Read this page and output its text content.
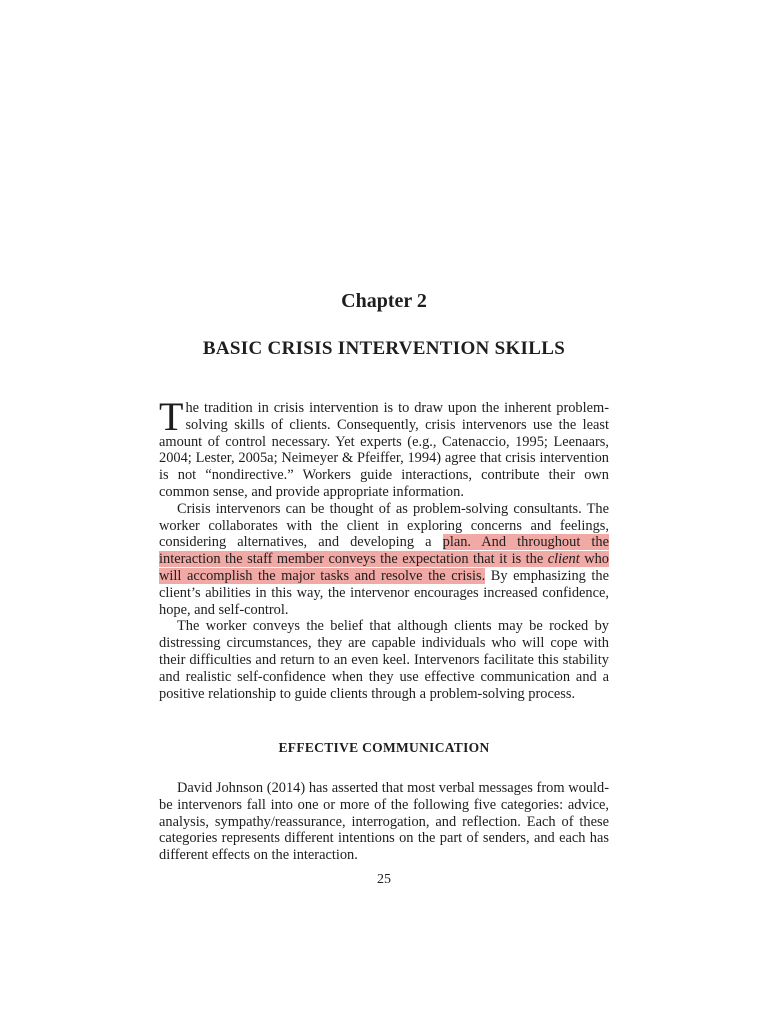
Chapter 2
BASIC CRISIS INTERVENTION SKILLS

The tradition in crisis intervention is to draw upon the inherent problem-solving skills of clients. Consequently, crisis intervenors use the least amount of control necessary. Yet experts (e.g., Catenaccio, 1995; Leenaars, 2004; Lester, 2005a; Neimeyer & Pfeiffer, 1994) agree that crisis intervention is not “nondirective.” Workers guide interactions, contribute their own common sense, and provide appropriate information.

Crisis intervenors can be thought of as problem-solving consultants. The worker collaborates with the client in exploring concerns and feelings, considering alternatives, and developing a plan. And throughout the interaction the staff member conveys the expectation that it is the client who will accomplish the major tasks and resolve the crisis. By emphasizing the client’s abilities in this way, the intervenor encourages increased confidence, hope, and self-control.

The worker conveys the belief that although clients may be rocked by distressing circumstances, they are capable individuals who will cope with their difficulties and return to an even keel. Intervenors facilitate this stability and realistic self-confidence when they use effective communication and a positive relationship to guide clients through a problem-solving process.

EFFECTIVE COMMUNICATION

David Johnson (2014) has asserted that most verbal messages from would-be intervenors fall into one or more of the following five categories: advice, analysis, sympathy/reassurance, interrogation, and reflection. Each of these categories represents different intentions on the part of senders, and each has different effects on the interaction.

25
